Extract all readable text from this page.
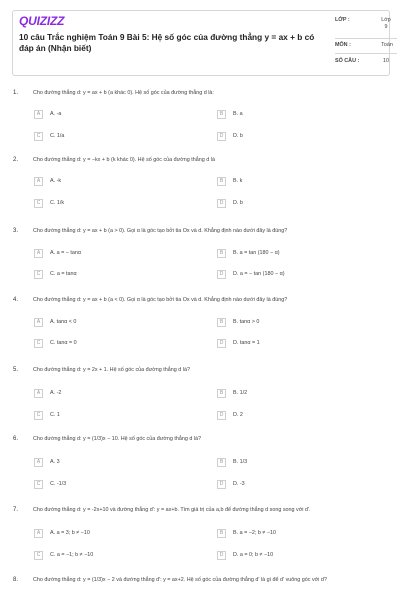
QUIZIZZ
10 câu Trắc nghiệm Toán 9 Bài 5: Hệ số góc của đường thẳng y = ax + b có đáp án (Nhận biết)
LỚP :	Lớp 9
MÔN :	Toán
SỐ CÂU :	10
1.	Cho đường thẳng d: y = ax + b (a khác 0). Hệ số góc của đường thẳng d là:
A	A. -a	B	B. a
C	C. 1/a	D	D. b
2.	Cho đường thẳng d: y = −kx + b (k khác 0). Hệ số góc của đường thẳng d là
A	A. -k	B	B. k
C	C. 1/k	D	D. b
3.	Cho đường thẳng d: y = ax + b (a > 0). Gọi α là góc tạo bởi tia Ox và d. Khẳng định nào dưới đây là đúng?
A	A. a = − tanα	B	B. a = tan (180 − α)
C	C. a = tanα	D	D. a = − tan (180 − α)
4.	Cho đường thẳng d: y = ax + b (a < 0). Gọi α là góc tạo bởi tia Ox và d. Khẳng định nào dưới đây là đúng?
A	A. tanα < 0	B	B. tanα > 0
C	C. tanα = 0	D	D. tanα = 1
5.	Cho đường thẳng d: y = 2x + 1. Hệ số góc của đường thẳng d là?
A	A. -2	B	B. 1/2
C	C. 1	D	D. 2
6.	Cho đường thẳng d: y = (1/3)x − 10. Hệ số góc của đường thẳng d là?
A	A. 3	B	B. 1/3
C	C. -1/3	D	D. -3
7.	Cho đường thẳng d: y = -2x+10 và đường thẳng d': y = ax+b. Tìm giá trị của a,b để đường thẳng d song song với d'.
A	A. a = 3; b ≠ −10	B	B. a = −2; b ≠ −10
C	C. a = −1; b ≠ −10	D	D. a = 0; b ≠ −10
8.	Cho đường thẳng d: y = (1/3)x − 2 và đường thẳng d': y = ax+2. Hệ số góc của đường thẳng d' là gì để d' vuông góc với d?
